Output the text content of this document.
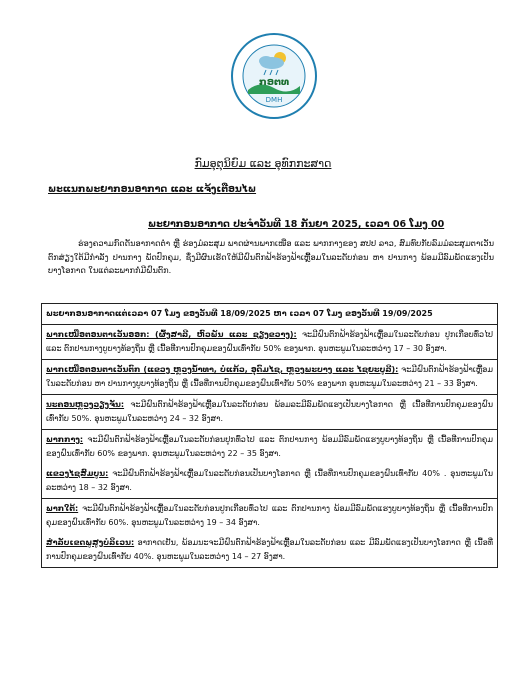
ກອຕທ
DMH
ກົມອຸຕຸນິຍົມ ແລະ ອຸທົກກະສາດ
ພະແນກພະຍາກອນອາກາດ ແລະ ແຈ້ງເຕືອນໄພ
ພະຍາກອນອາກາດ ປະຈຳວັນທີ 18 ກັນຍາ 2025, ເວລາ 06 ໂມງ 00
ຮ່ອງຄວາມກົດດັນອາກາດຕ່ຳ ຫຼື ຮ່ອງມໍລະສຸມ ພາດຜ່ານພາກເໜືອ ແລະ ພາກກາງຂອງ ສປປ ລາວ, ສົມທົບກັບລົມມໍລະສຸມຕາເວັນຕົກສ່ຽງໃຕ້ມີກຳລັງ ປານກາງ ພັດປົກຄຸມ, ຊຶ່ງມີຜົນເຮັດໃຫ້ມີຝົນຕົກຟ້າຮ້ອງຟ້າເຫຼື້ອມໃນລະດັບກ່ອນ ຫາ ປານກາງ ພ້ອມມີລົມພັດແຮງເປັນບາງໂອກາດ ໃນແຕ່ລະພາກກໍ່ມີຝົນຕົກ.
ພະຍາກອນອາກາດແຕ່ເວລາ 07 ໂມງ ຂອງວັນທີ 18/09/2025 ຫາ ເວລາ 07 ໂມງ ຂອງວັນທີ 19/09/2025
ພາກເໜືອຕອນຕາເວັນອອກ: (ຜົ້ງສາລີ, ຫົວພັນ ແລະ ຊຽງຂວາງ): ຈະມີຝົນຕົກຟ້າຮ້ອງຟ້າເຫຼື້ອມໃນລະດັບກ່ອນ ປູກເກືອບທົ່ວໄປ ແລະ ຕົກປານກາງບູບາງທ້ອງຖິ່ນ ຫຼື ເນື້ອທີ່ການປົກຄຸມຂອງຝົນເທົ່າກັບ 50% ຂອງພາກ. ອຸນຫະພູມໃນລະຫວ່າງ 17 – 30 ອົງສາ.
ພາກເໜືອຕອນຕາເວັນຕົກ (ແຂວງ ຫຼວງນ້ຳທາ, ບໍ່ແກ້ວ, ອຸດົມໄຊ, ຫຼວງພະບາງ ແລະ ໄຊຍະບູລີ): ຈະມີຝົນຕົກຟ້າຮ້ອງຟ້າເຫຼື້ອມໃນລະດັບກ່ອນ ຫາ ປານກາງບູບາງທ້ອງຖິ່ນ ຫຼື ເນື້ອທີ່ການປົກຄຸມຂອງຝົນເທົ່າກັບ 50% ຂອງພາກ ອຸນຫະພູມໃນລະຫວ່າງ 21 – 33 ອົງສາ.
ນະຄອນຫຼວງວຽງຈັນ: ຈະມີຝົນຕົກຟ້າຮ້ອງຟ້າເຫຼື້ອມໃນລະດັບກ່ອນ ພ້ອມລະມີລົມພັດແຮງເປັນບາງໂອກາດ ຫຼື ເນື້ອທີ່ການປົກຄຸມຂອງຝົນເທົ່າກັບ 50%. ອຸນຫະພູມໃນລະຫວ່າງ 24 – 32 ອົງສາ.
ພາກກາງ: ຈະມີຝົນຕົກຟ້າຮ້ອງຟ້າເຫຼື້ອມໃນລະດັບກ່ອນປູກທົ່ວໄປ ແລະ ຕົກປານກາງ ພ້ອມມີລົມພັດແຮງບູບາງທ້ອງຖິ່ນ ຫຼື ເນື້ອທີ່ການປົກຄຸມຂອງຝົນເທົ່າກັບ 60% ຂອງພາກ. ອຸນຫະພູມໃນລະຫວ່າງ 22 – 35 ອົງສາ.
ແຂວງໄຊສົມບູນ: ຈະມີຝົນຕົກຟ້າຮ້ອງຟ້າເຫຼື້ອມໃນລະດັບກ່ອນເປັນບາງໂອກາດ ຫຼື ເນື້ອທີ່ການປົກຄຸມຂອງຝົນເທົ່າກັບ 40% . ອຸນຫະພູມໃນລະຫວ່າງ 18 – 32 ອົງສາ.
ພາກໃຕ້: ຈະມີຝົນຕົກຟ້າຮ້ອງຟ້າເຫຼື້ອມໃນລະດັບກ່ອນປູກເກືອບທົ່ວໄປ ແລະ ຕົກປານກາງ ພ້ອມມີລົມພັດແຮງບູບາງທ້ອງຖິ່ນ ຫຼື ເນື້ອທີ່ການປົກຄຸມຂອງຝົນເທົ່າກັບ 60%. ອຸນຫະພູມໃນລະຫວ່າງ 19 – 34 ອົງສາ.
ສຳລັບເຂດພູສູງບໍລິເວນ: ອາກາດເຢັນ, ພ້ອມນະຈະມີຝົນຕົກຟ້າຮ້ອງຟ້າເຫຼື້ອມໃນລະດັບກ່ອນ ແລະ ມີລົມພັດແຮງເປັນບາງໂອກາດ ຫຼື ເນື້ອທີ່ການປົກຄຸມຂອງຝົນເທົ່າກັບ 40%. ອຸນຫະພູມໃນລະຫວ່າງ 14 – 27 ອົງສາ.
